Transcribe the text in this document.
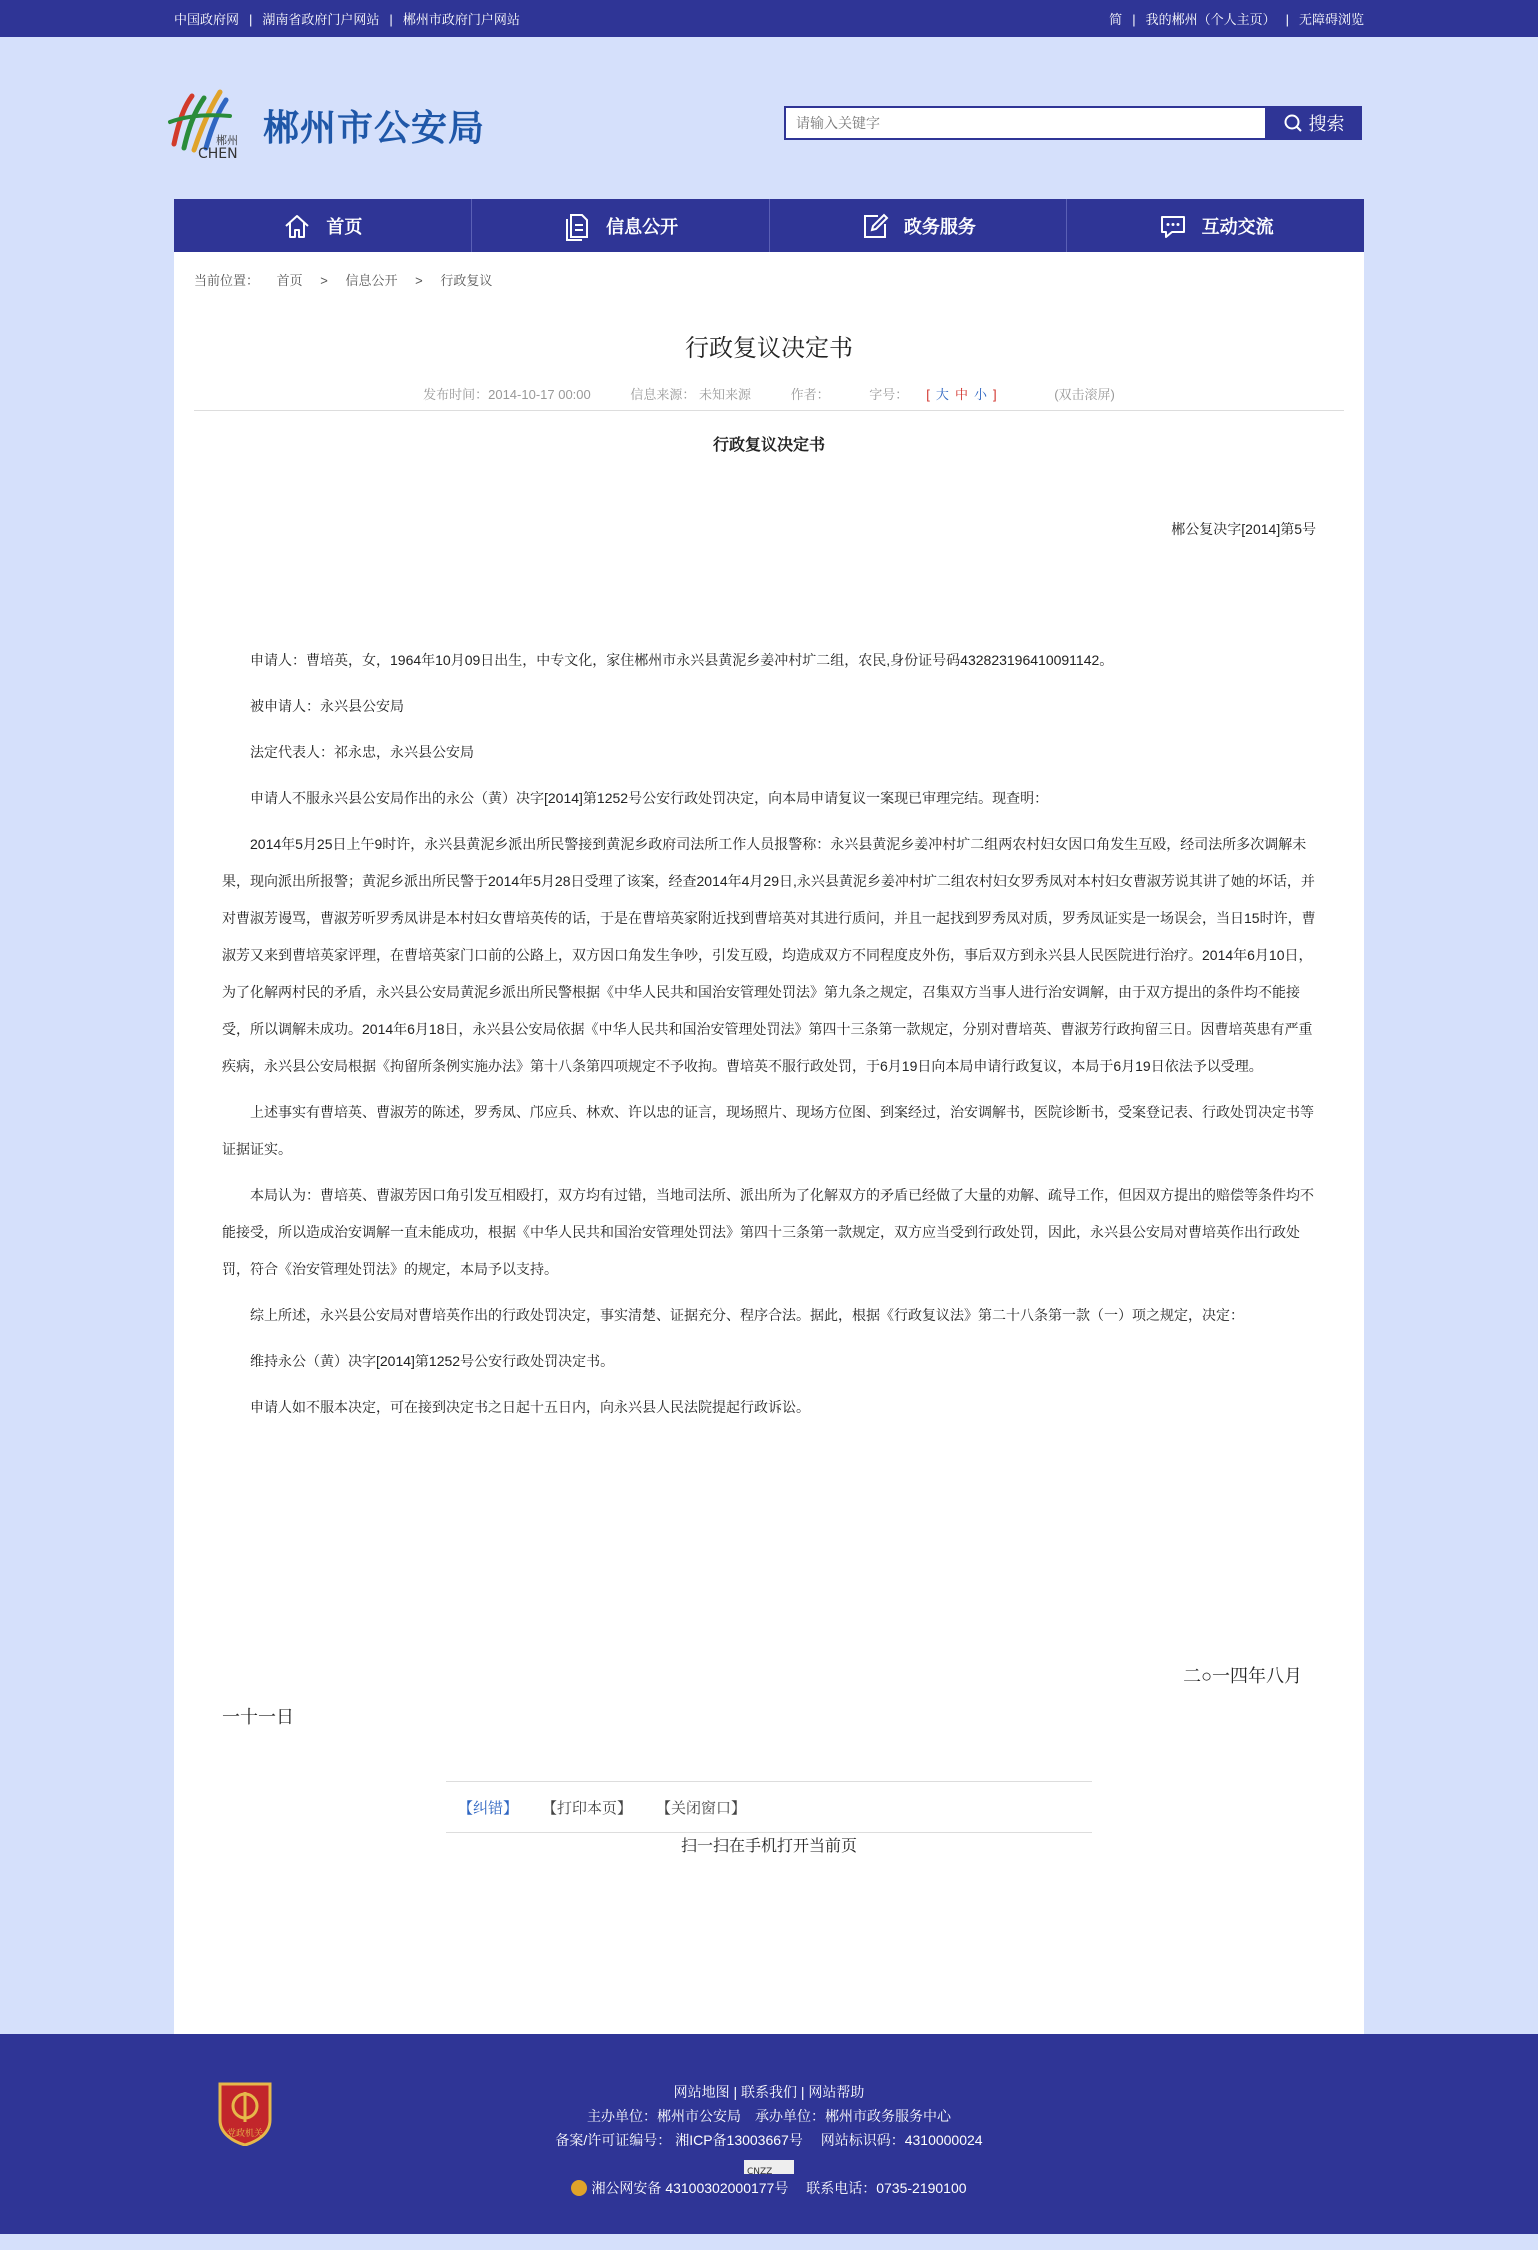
中国政府网 | 湖南省政府门户网站 | 郴州市政府门户网站	简 | 我的郴州（个人主页） | 无障碍浏览
郴州
CHEN
郴州市公安局
请输入关键字	搜索
首页	信息公开	政务服务	互动交流
当前位置： 首页 > 信息公开 > 行政复议
行政复议决定书
发布时间：2014-10-17 00:00	信息来源： 未知来源	作者：	字号： [ 大 中 小 ]	(双击滚屏)
行政复议决定书
郴公复决字[2014]第5号

申请人：曹培英，女，1964年10月09日出生，中专文化，家住郴州市永兴县黄泥乡姜冲村圹二组，农民,身份证号码432823196410091142。

被申请人：永兴县公安局

法定代表人：祁永忠，永兴县公安局

申请人不服永兴县公安局作出的永公（黄）决字[2014]第1252号公安行政处罚决定，向本局申请复议一案现已审理完结。现查明：

2014年5月25日上午9时许，永兴县黄泥乡派出所民警接到黄泥乡政府司法所工作人员报警称：永兴县黄泥乡姜冲村圹二组两农村妇女因口角发生互殴，经司法所多次调解未果，现向派出所报警；黄泥乡派出所民警于2014年5月28日受理了该案，经查2014年4月29日,永兴县黄泥乡姜冲村圹二组农村妇女罗秀凤对本村妇女曹淑芳说其讲了她的坏话，并对曹淑芳谩骂，曹淑芳听罗秀凤讲是本村妇女曹培英传的话，于是在曹培英家附近找到曹培英对其进行质问，并且一起找到罗秀凤对质，罗秀凤证实是一场误会，当日15时许，曹淑芳又来到曹培英家评理，在曹培英家门口前的公路上，双方因口角发生争吵，引发互殴，均造成双方不同程度皮外伤，事后双方到永兴县人民医院进行治疗。2014年6月10日，为了化解两村民的矛盾，永兴县公安局黄泥乡派出所民警根据《中华人民共和国治安管理处罚法》第九条之规定，召集双方当事人进行治安调解，由于双方提出的条件均不能接受，所以调解未成功。2014年6月18日，永兴县公安局依据《中华人民共和国治安管理处罚法》第四十三条第一款规定，分别对曹培英、曹淑芳行政拘留三日。因曹培英患有严重疾病，永兴县公安局根据《拘留所条例实施办法》第十八条第四项规定不予收拘。曹培英不服行政处罚，于6月19日向本局申请行政复议，本局于6月19日依法予以受理。

上述事实有曹培英、曹淑芳的陈述，罗秀凤、邝应兵、林欢、许以忠的证言，现场照片、现场方位图、到案经过，治安调解书，医院诊断书，受案登记表、行政处罚决定书等证据证实。

本局认为：曹培英、曹淑芳因口角引发互相殴打，双方均有过错，当地司法所、派出所为了化解双方的矛盾已经做了大量的劝解、疏导工作，但因双方提出的赔偿等条件均不能接受，所以造成治安调解一直未能成功，根据《中华人民共和国治安管理处罚法》第四十三条第一款规定，双方应当受到行政处罚，因此，永兴县公安局对曹培英作出行政处罚，符合《治安管理处罚法》的规定，本局予以支持。

综上所述，永兴县公安局对曹培英作出的行政处罚决定，事实清楚、证据充分、程序合法。据此，根据《行政复议法》第二十八条第一款（一）项之规定，决定：

维持永公（黄）决字[2014]第1252号公安行政处罚决定书。

申请人如不服本决定，可在接到决定书之日起十五日内，向永兴县人民法院提起行政诉讼。

二○一四年八月
一十一日
【纠错】 【打印本页】 【关闭窗口】
扫一扫在手机打开当前页
党政机关
网站地图 | 联系我们 | 网站帮助
主办单位：郴州市公安局　承办单位：郴州市政务服务中心
备案/许可证编号： 湘ICP备13003667号　 网站标识码：4310000024
CNZZ
湘公网安备 43100302000177号　 联系电话：0735-2190100
